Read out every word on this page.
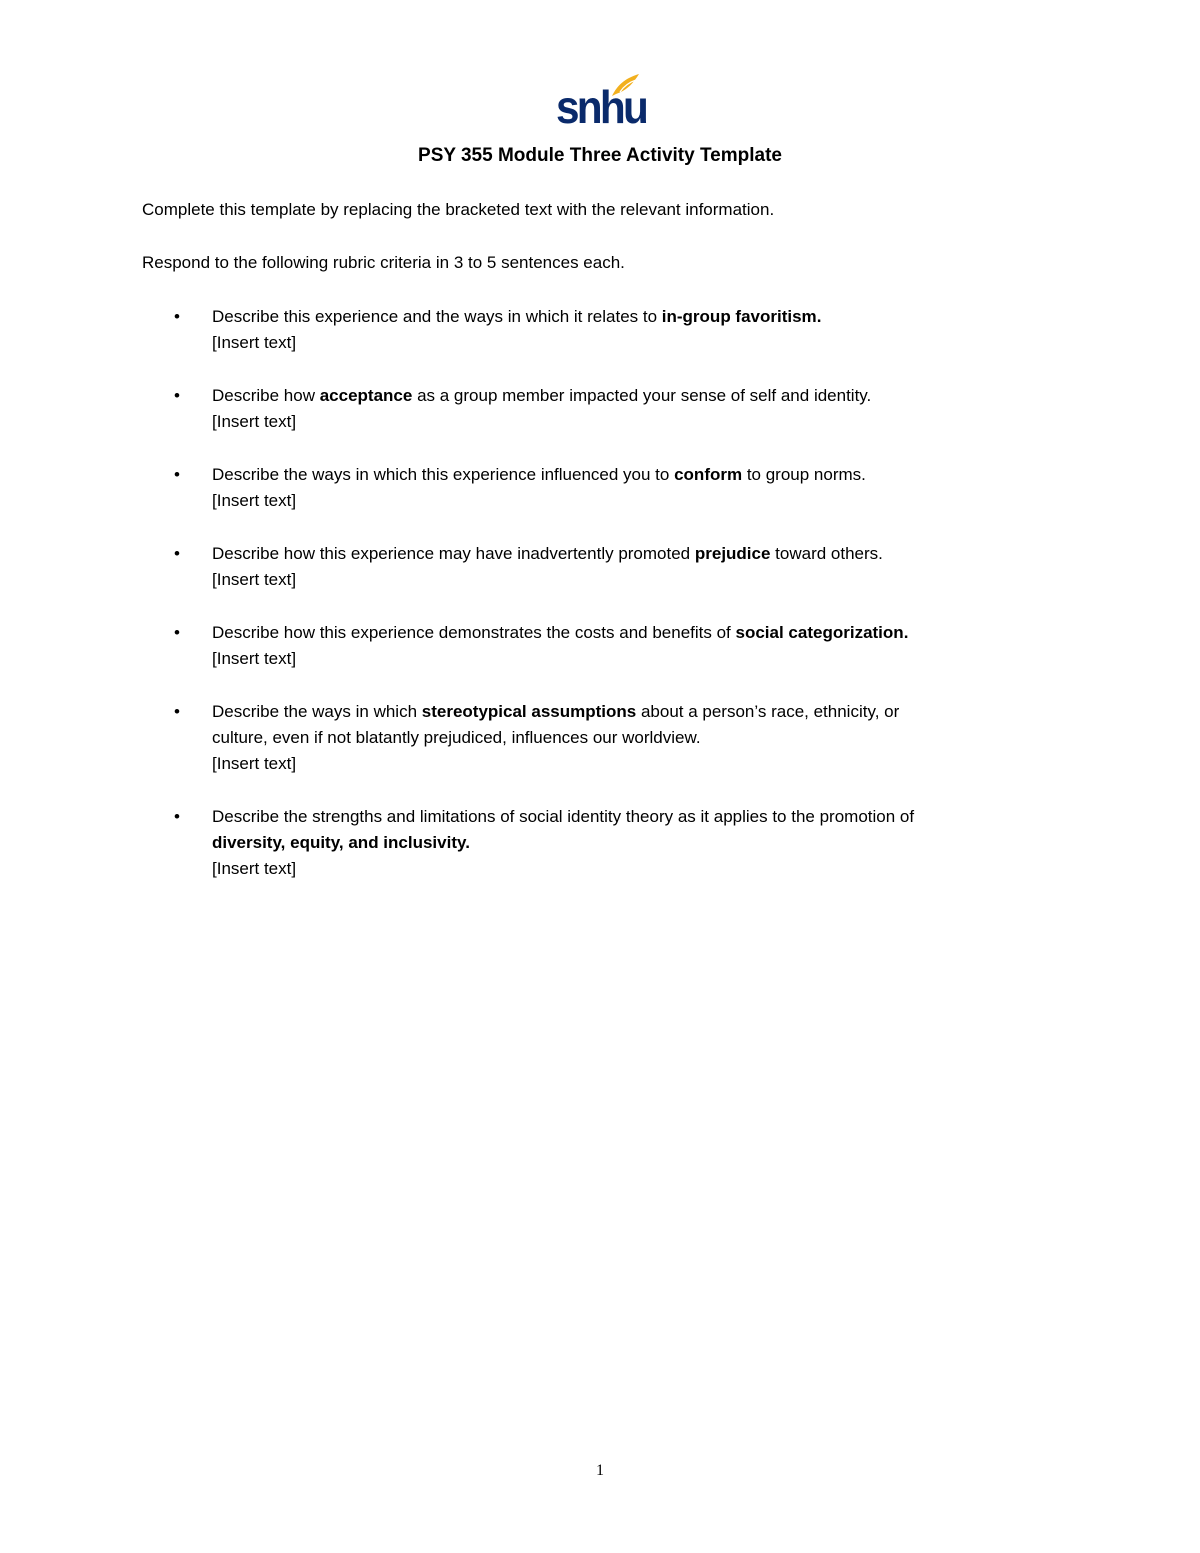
snhu
PSY 355 Module Three Activity Template
Complete this template by replacing the bracketed text with the relevant information.
Respond to the following rubric criteria in 3 to 5 sentences each.
• Describe this experience and the ways in which it relates to in-group favoritism.
[Insert text]
• Describe how acceptance as a group member impacted your sense of self and identity.
[Insert text]
• Describe the ways in which this experience influenced you to conform to group norms.
[Insert text]
• Describe how this experience may have inadvertently promoted prejudice toward others.
[Insert text]
• Describe how this experience demonstrates the costs and benefits of social categorization.
[Insert text]
• Describe the ways in which stereotypical assumptions about a person’s race, ethnicity, or
culture, even if not blatantly prejudiced, influences our worldview.
[Insert text]
• Describe the strengths and limitations of social identity theory as it applies to the promotion of
diversity, equity, and inclusivity.
[Insert text]
1
